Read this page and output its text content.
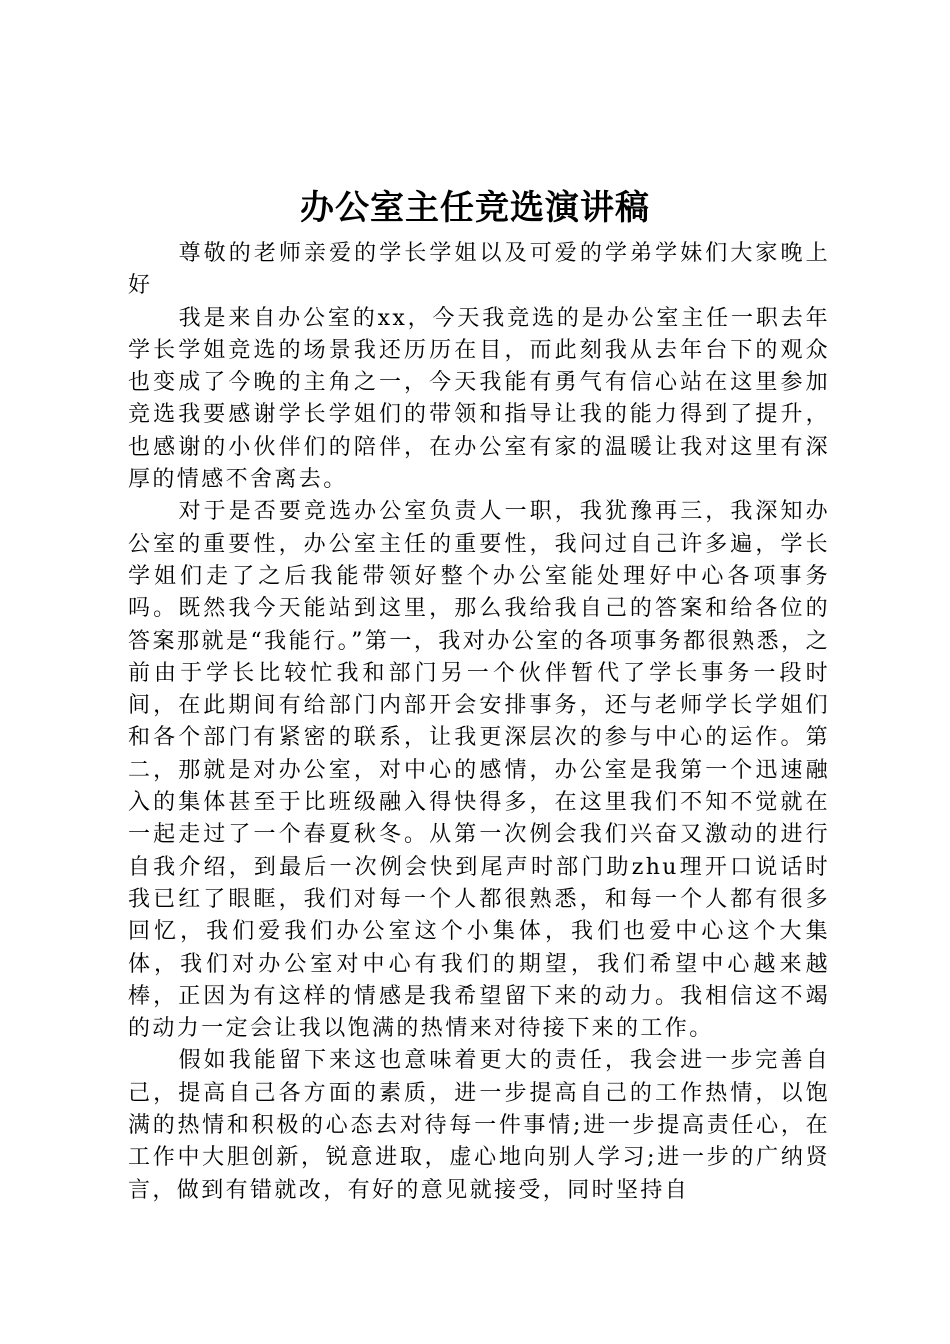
办公室主任竞选演讲稿

尊敬的老师亲爱的学长学姐以及可爱的学弟学妹们大家晚上好

我是来自办公室的xx，今天我竞选的是办公室主任一职去年学长学姐竞选的场景我还历历在目，而此刻我从去年台下的观众也变成了今晚的主角之一，今天我能有勇气有信心站在这里参加竞选我要感谢学长学姐们的带领和指导让我的能力得到了提升，也感谢的小伙伴们的陪伴，在办公室有家的温暖让我对这里有深厚的情感不舍离去。

对于是否要竞选办公室负责人一职，我犹豫再三，我深知办公室的重要性，办公室主任的重要性，我问过自己许多遍，学长学姐们走了之后我能带领好整个办公室能处理好中心各项事务吗。既然我今天能站到这里，那么我给我自己的答案和给各位的答案那就是“我能行。”第一，我对办公室的各项事务都很熟悉，之前由于学长比较忙我和部门另一个伙伴暂代了学长事务一段时间，在此期间有给部门内部开会安排事务，还与老师学长学姐们和各个部门有紧密的联系，让我更深层次的参与中心的运作。第二，那就是对办公室，对中心的感情，办公室是我第一个迅速融入的集体甚至于比班级融入得快得多，在这里我们不知不觉就在一起走过了一个春夏秋冬。从第一次例会我们兴奋又激动的进行自我介绍，到最后一次例会快到尾声时部门助zhu理开口说话时我已红了眼眶，我们对每一个人都很熟悉，和每一个人都有很多回忆，我们爱我们办公室这个小集体，我们也爱中心这个大集体，我们对办公室对中心有我们的期望，我们希望中心越来越棒，正因为有这样的情感是我希望留下来的动力。我相信这不竭的动力一定会让我以饱满的热情来对待接下来的工作。

假如我能留下来这也意味着更大的责任，我会进一步完善自己，提高自己各方面的素质，进一步提高自己的工作热情，以饱满的热情和积极的心态去对待每一件事情;进一步提高责任心，在工作中大胆创新，锐意进取，虚心地向别人学习;进一步的广纳贤言，做到有错就改，有好的意见就接受，同时坚持自
